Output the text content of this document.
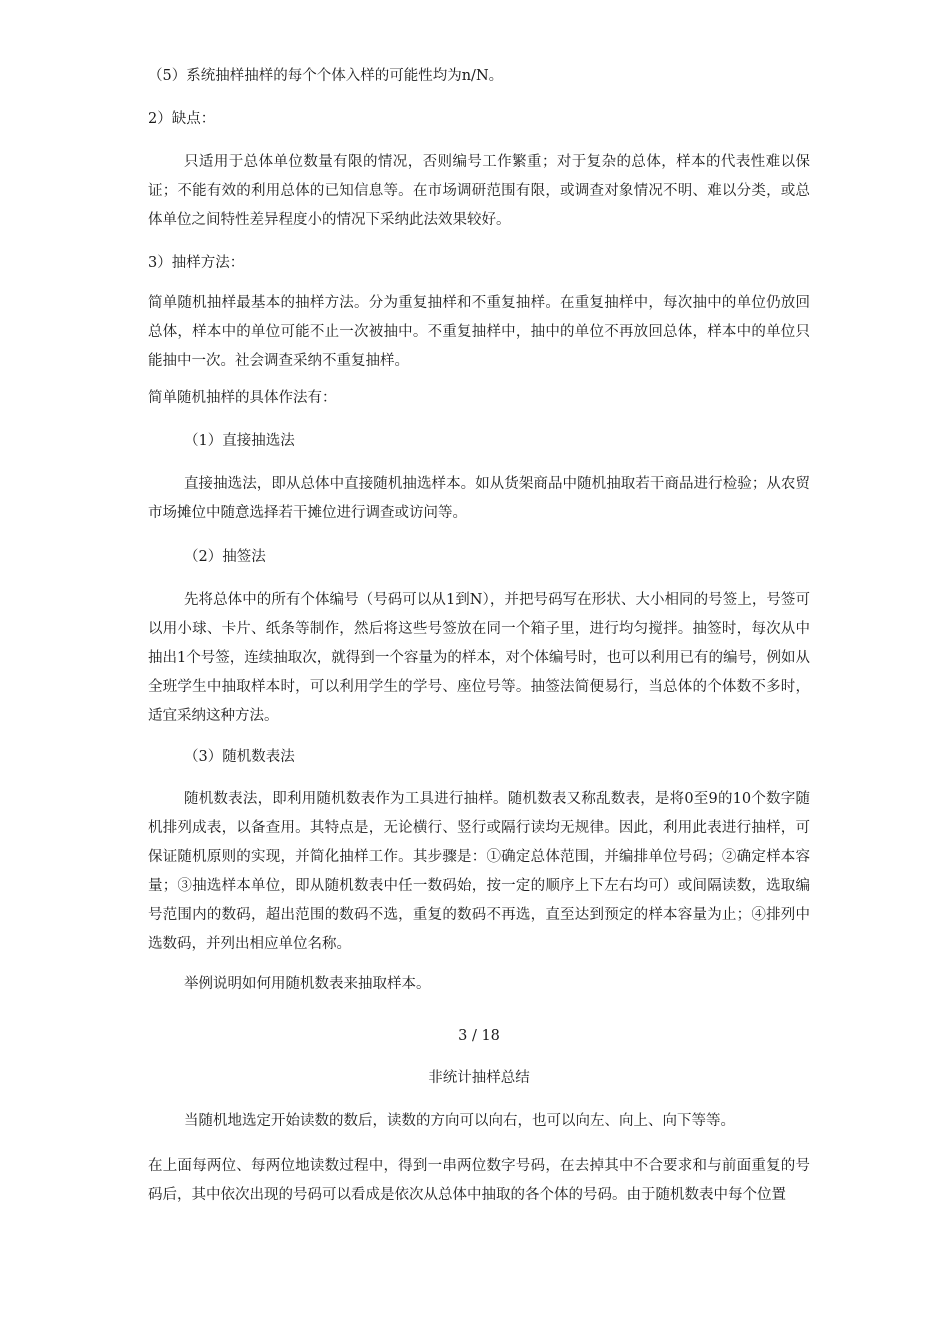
（5）系统抽样抽样的每个个体入样的可能性均为n/N。

2）缺点：

只适用于总体单位数量有限的情况，否则编号工作繁重；对于复杂的总体，样本的代表性难以保证；不能有效的利用总体的已知信息等。在市场调研范围有限，或调查对象情况不明、难以分类，或总体单位之间特性差异程度小的情况下采纳此法效果较好。

3）抽样方法：

简单随机抽样最基本的抽样方法。分为重复抽样和不重复抽样。在重复抽样中，每次抽中的单位仍放回总体，样本中的单位可能不止一次被抽中。不重复抽样中，抽中的单位不再放回总体，样本中的单位只能抽中一次。社会调查采纳不重复抽样。

简单随机抽样的具体作法有：

（1）直接抽选法

直接抽选法，即从总体中直接随机抽选样本。如从货架商品中随机抽取若干商品进行检验；从农贸市场摊位中随意选择若干摊位进行调查或访问等。

（2）抽签法

先将总体中的所有个体编号（号码可以从1到N），并把号码写在形状、大小相同的号签上，号签可以用小球、卡片、纸条等制作，然后将这些号签放在同一个箱子里，进行均匀搅拌。抽签时，每次从中抽出1个号签，连续抽取次，就得到一个容量为的样本，对个体编号时，也可以利用已有的编号，例如从全班学生中抽取样本时，可以利用学生的学号、座位号等。抽签法简便易行，当总体的个体数不多时，适宜采纳这种方法。

（3）随机数表法

随机数表法，即利用随机数表作为工具进行抽样。随机数表又称乱数表，是将0至9的10个数字随机排列成表，以备查用。其特点是，无论横行、竖行或隔行读均无规律。因此，利用此表进行抽样，可保证随机原则的实现，并简化抽样工作。其步骤是：①确定总体范围，并编排单位号码；②确定样本容量；③抽选样本单位，即从随机数表中任一数码始，按一定的顺序上下左右均可）或间隔读数，选取编号范围内的数码，超出范围的数码不选，重复的数码不再选，直至达到预定的样本容量为止；④排列中选数码，并列出相应单位名称。

举例说明如何用随机数表来抽取样本。

3 / 18

非统计抽样总结

当随机地选定开始读数的数后，读数的方向可以向右，也可以向左、向上、向下等等。

在上面每两位、每两位地读数过程中，得到一串两位数字号码，在去掉其中不合要求和与前面重复的号码后，其中依次出现的号码可以看成是依次从总体中抽取的各个体的号码。由于随机数表中每个位置
